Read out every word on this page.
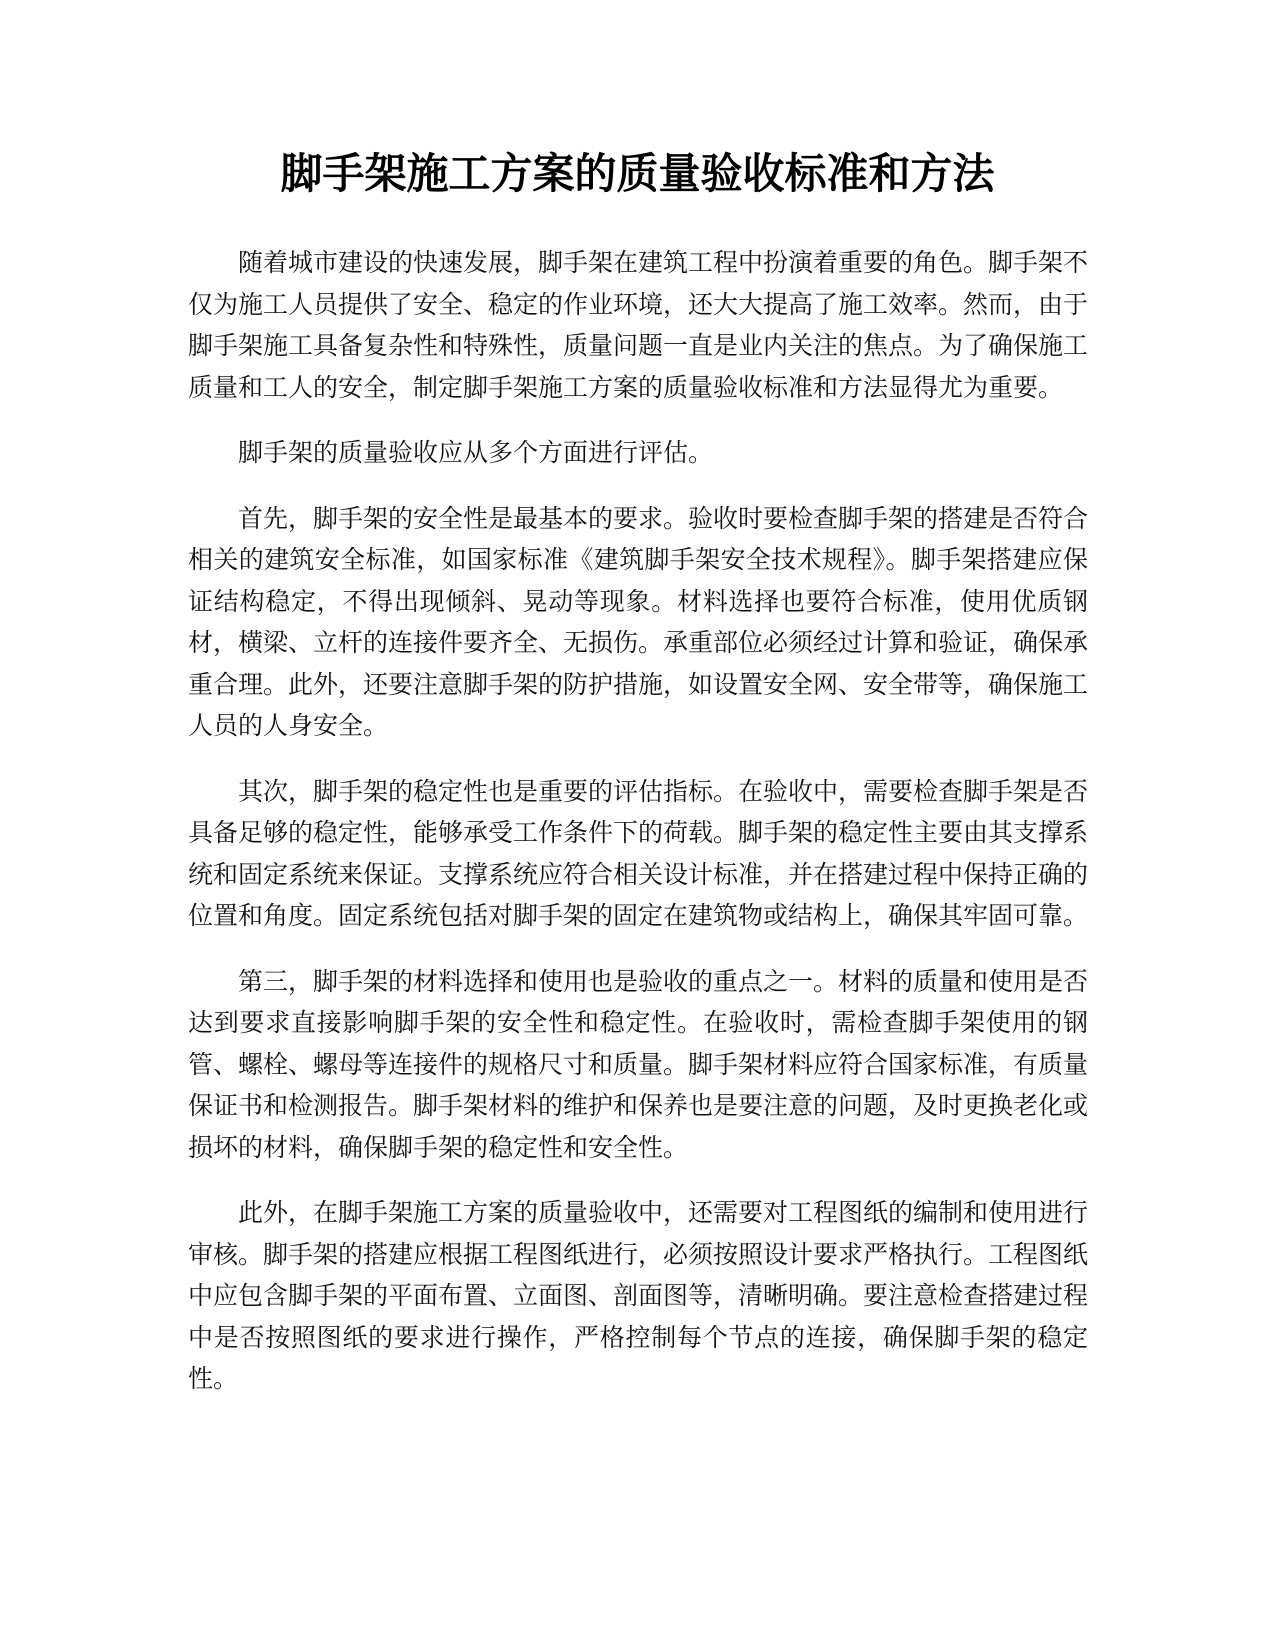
脚手架施工方案的质量验收标准和方法

随着城市建设的快速发展，脚手架在建筑工程中扮演着重要的角色。脚手架不仅为施工人员提供了安全、稳定的作业环境，还大大提高了施工效率。然而，由于脚手架施工具备复杂性和特殊性，质量问题一直是业内关注的焦点。为了确保施工质量和工人的安全，制定脚手架施工方案的质量验收标准和方法显得尤为重要。

脚手架的质量验收应从多个方面进行评估。

首先，脚手架的安全性是最基本的要求。验收时要检查脚手架的搭建是否符合相关的建筑安全标准，如国家标准《建筑脚手架安全技术规程》。脚手架搭建应保证结构稳定，不得出现倾斜、晃动等现象。材料选择也要符合标准，使用优质钢材，横梁、立杆的连接件要齐全、无损伤。承重部位必须经过计算和验证，确保承重合理。此外，还要注意脚手架的防护措施，如设置安全网、安全带等，确保施工人员的人身安全。

其次，脚手架的稳定性也是重要的评估指标。在验收中，需要检查脚手架是否具备足够的稳定性，能够承受工作条件下的荷载。脚手架的稳定性主要由其支撑系统和固定系统来保证。支撑系统应符合相关设计标准，并在搭建过程中保持正确的位置和角度。固定系统包括对脚手架的固定在建筑物或结构上，确保其牢固可靠。

第三，脚手架的材料选择和使用也是验收的重点之一。材料的质量和使用是否达到要求直接影响脚手架的安全性和稳定性。在验收时，需检查脚手架使用的钢管、螺栓、螺母等连接件的规格尺寸和质量。脚手架材料应符合国家标准，有质量保证书和检测报告。脚手架材料的维护和保养也是要注意的问题，及时更换老化或损坏的材料，确保脚手架的稳定性和安全性。

此外，在脚手架施工方案的质量验收中，还需要对工程图纸的编制和使用进行审核。脚手架的搭建应根据工程图纸进行，必须按照设计要求严格执行。工程图纸中应包含脚手架的平面布置、立面图、剖面图等，清晰明确。要注意检查搭建过程中是否按照图纸的要求进行操作，严格控制每个节点的连接，确保脚手架的稳定性。
